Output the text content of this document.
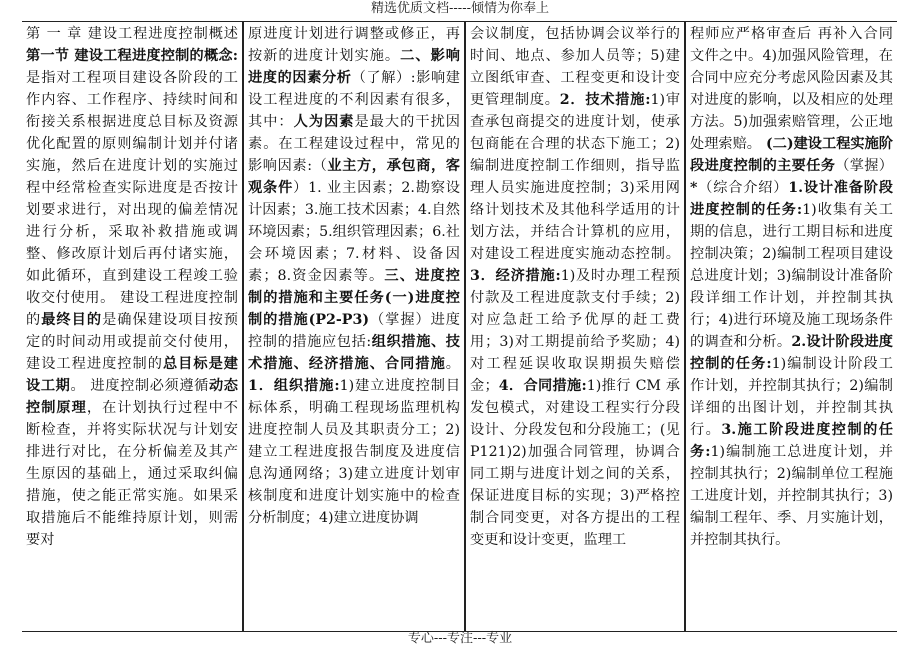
精选优质文档-----倾情为你奉上

第 一 章 建设工程进度控制概述第一节 建设工程进度控制的概念:是指对工程项目建设各阶段的工作内容、工作程序、持续时间和衔接关系根据进度总目标及资源优化配置的原则编制计划并付诸实施，然后在进度计划的实施过程中经常检查实际进度是否按计划要求进行，对出现的偏差情况进行分析，采取补救措施或调整、修改原计划后再付诸实施，如此循环，直到建设工程竣工验收交付使用。 建设工程进度控制的最终目的是确保建设项目按预定的时间动用或提前交付使用，建设工程进度控制的总目标是建设工期。 进度控制必须遵循动态控制原理，在计划执行过程中不断检查，并将实际状况与计划安排进行对比，在分析偏差及其产生原因的基础上，通过采取纠偏措施，使之能正常实施。如果采取措施后不能维持原计划，则需要对

原进度计划进行调整或修正，再按新的进度计划实施。二、影响进度的因素分析（了解）:影响建设工程进度的不利因素有很多，其中：人为因素是最大的干扰因素。在工程建设过程中，常见的影响因素:（业主方，承包商，客观条件）1. 业主因素；2.勘察设计因素；3.施工技术因素；4.自然环境因素；5.组织管理因素；6.社会环境因素；7.材料、设备因素；8.资金因素等。三、进度控制的措施和主要任务(一)进度控制的措施(P2-P3)（掌握）进度控制的措施应包括:组织措施、技术措施、经济措施、合同措施。1．组织措施:1)建立进度控制目标体系，明确工程现场监理机构进度控制人员及其职责分工；2)建立工程进度报告制度及进度信息沟通网络；3)建立进度计划审核制度和进度计划实施中的检查分析制度；4)建立进度协调

会议制度，包括协调会议举行的时间、地点、参加人员等；5)建立图纸审查、工程变更和设计变更管理制度。2．技术措施:1)审查承包商提交的进度计划，使承包商能在合理的状态下施工；2)编制进度控制工作细则，指导监理人员实施进度控制；3)采用网络计划技术及其他科学适用的计划方法，并结合计算机的应用，对建设工程进度实施动态控制。3．经济措施:1)及时办理工程预付款及工程进度款支付手续；2)对应急赶工给予优厚的赶工费用；3)对工期提前给予奖励；4)对工程延误收取误期损失赔偿金；4．合同措施:1)推行 CM 承发包模式，对建设工程实行分段设计、分段发包和分段施工；(见 P121)2)加强合同管理，协调合同工期与进度计划之间的关系，保证进度目标的实现；3)严格控制合同变更，对各方提出的工程变更和设计变更，监理工

程师应严格审查后 再补入合同文件之中。4)加强风险管理，在合同中应充分考虑风险因素及其对进度的影响，以及相应的处理方法。5)加强索赔管理，公正地处理索赔。 (二)建设工程实施阶段进度控制的主要任务（掌握）*（综合介绍）1.设计准备阶段进度控制的任务:1)收集有关工期的信息，进行工期目标和进度控制决策；2)编制工程项目建设总进度计划；3)编制设计准备阶段详细工作计划，并控制其执行；4)进行环境及施工现场条件的调查和分析。2.设计阶段进度控制的任务:1)编制设计阶段工作计划，并控制其执行；2)编制详细的出图计划，并控制其执行。3.施工阶段进度控制的任务:1)编制施工总进度计划，并控制其执行；2)编制单位工程施工进度计划，并控制其执行；3)编制工程年、季、月实施计划，并控制其执行。

专心---专注---专业
